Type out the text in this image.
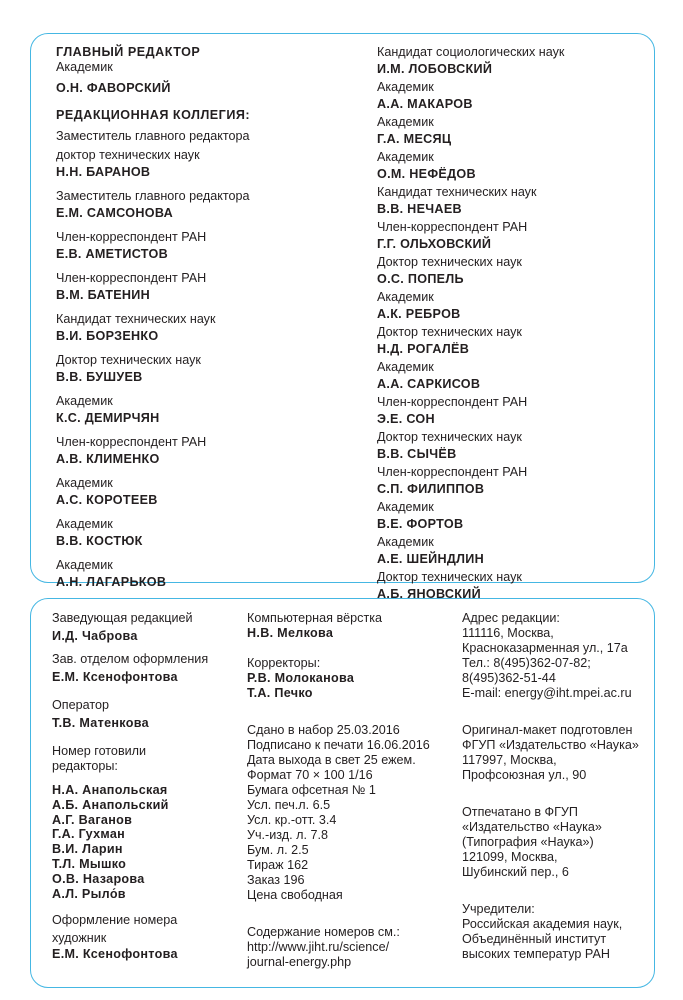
ГЛАВНЫЙ РЕДАКТОР
Академик
О.Н. ФАВОРСКИЙ
РЕДАКЦИОННАЯ КОЛЛЕГИЯ:
Заместитель главного редактора
доктор технических наук
Н.Н. БАРАНОВ
Заместитель главного редактора
Е.М. САМСОНОВА
Член-корреспондент РАН
Е.В. АМЕТИСТОВ
Член-корреспондент РАН
В.М. БАТЕНИН
Кандидат технических наук
В.И. БОРЗЕНКО
Доктор технических наук
В.В. БУШУЕВ
Академик
К.С. ДЕМИРЧЯН
Член-корреспондент РАН
А.В. КЛИМЕНКО
Академик
А.С. КОРОТЕЕВ
Академик
В.В. КОСТЮК
Академик
А.Н. ЛАГАРЬКОВ
Кандидат социологических наук
И.М. ЛОБОВСКИЙ
Академик
А.А. МАКАРОВ
Академик
Г.А. МЕСЯЦ
Академик
О.М. НЕФЁДОВ
Кандидат технических наук
В.В. НЕЧАЕВ
Член-корреспондент РАН
Г.Г. ОЛЬХОВСКИЙ
Доктор технических наук
О.С. ПОПЕЛЬ
Академик
А.К. РЕБРОВ
Доктор технических наук
Н.Д. РОГАЛЁВ
Академик
А.А. САРКИСОВ
Член-корреспондент РАН
Э.Е. СОН
Доктор технических наук
В.В. СЫЧЁВ
Член-корреспондент РАН
С.П. ФИЛИППОВ
Академик
В.Е. ФОРТОВ
Академик
А.Е. ШЕЙНДЛИН
Доктор технических наук
А.Б. ЯНОВСКИЙ
Заведующая редакцией
И.Д. Чаброва
Зав. отделом оформления
Е.М. Ксенофонтова
Оператор
Т.В. Матенкова
Номер готовили
редакторы:
Н.А. Анапольская
А.Б. Анапольский
А.Г. Ваганов
Г.А. Гухман
В.И. Ларин
Т.Л. Мышко
О.В. Назарова
А.Л. Рыло́в
Оформление номера
художник
Е.М. Ксенофонтова
Компьютерная вёрстка
Н.В. Мелкова
Корректоры:
Р.В. Молоканова
Т.А. Печко
Сдано в набор 25.03.2016
Подписано к печати 16.06.2016
Дата выхода в свет 25 ежем.
Формат 70 × 100 1/16
Бумага офсетная № 1
Усл. печ.л. 6.5
Усл. кр.-отт. 3.4
Уч.-изд. л. 7.8
Бум. л. 2.5
Тираж 162
Заказ 196
Цена свободная
Содержание номеров см.:
http://www.jiht.ru/science/
journal-energy.php
Адрес редакции:
111116, Москва,
Красноказарменная ул., 17а
Тел.: 8(495)362-07-82;
8(495)362-51-44
E-mail: energy@iht.mpei.ac.ru
Оригинал-макет подготовлен
ФГУП «Издательство «Наука»
117997, Москва,
Профсоюзная ул., 90
Отпечатано в ФГУП
«Издательство «Наука»
(Типография «Наука»)
121099, Москва,
Шубинский пер., 6
Учредители:
Российская академия наук,
Объединённый институт
высоких температур РАН
